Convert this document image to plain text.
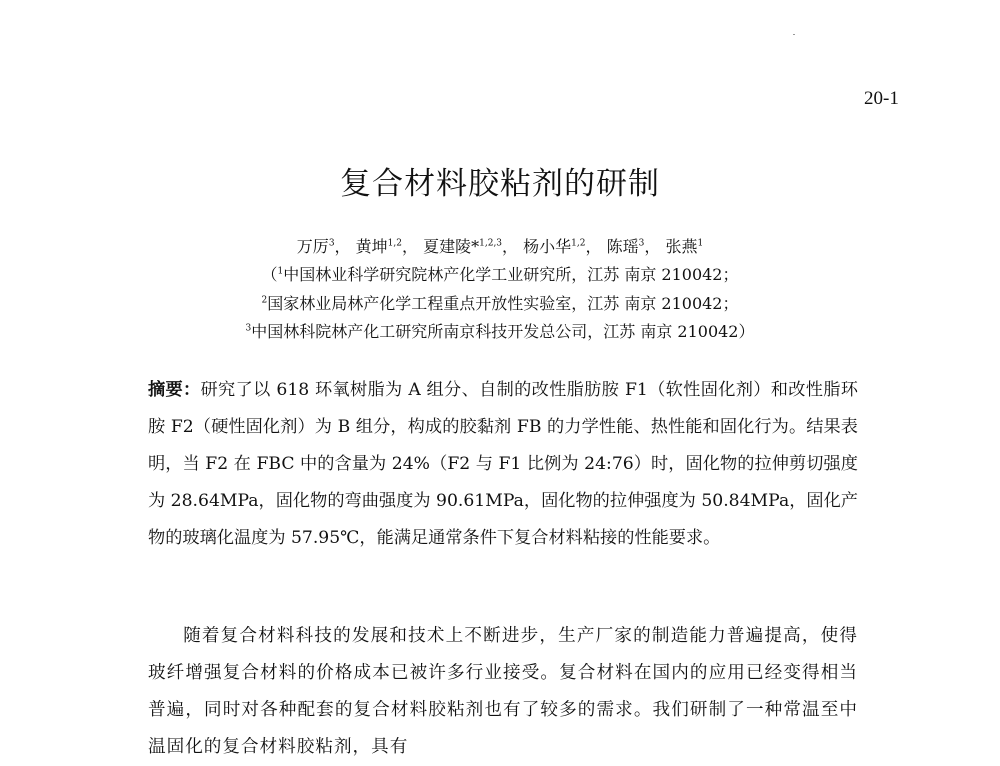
20-1
复合材料胶粘剂的研制
万厉$^3$， 黄坤$^{1,2}$， 夏建陵*$^{1,2,3}$， 杨小华$^{1,2}$， 陈瑶$^3$， 张燕$^1$
（$^1$中国林业科学研究院林产化学工业研究所，江苏 南京 210042；
$^2$国家林业局林产化学工程重点开放性实验室，江苏 南京 210042；
$^3$中国林科院林产化工研究所南京科技开发总公司，江苏 南京 210042）

摘要：研究了以 618 环氧树脂为 A 组分、自制的改性脂肪胺 F1（软性固化剂）和改性脂环胺 F2（硬性固化剂）为 B 组分，构成的胶黏剂 FB 的力学性能、热性能和固化行为。结果表明，当 F2 在 FBC 中的含量为 24%（F2 与 F1 比例为 24:76）时，固化物的拉伸剪切强度为 28.64MPa，固化物的弯曲强度为 90.61MPa，固化物的拉伸强度为 50.84MPa，固化产物的玻璃化温度为 57.95℃，能满足通常条件下复合材料粘接的性能要求。

随着复合材料科技的发展和技术上不断进步，生产厂家的制造能力普遍提高，使得玻纤增强复合材料的价格成本已被许多行业接受。复合材料在国内的应用已经变得相当普遍，同时对各种配套的复合材料胶粘剂也有了较多的需求。我们研制了一种常温至中温固化的复合材料胶粘剂，具有
